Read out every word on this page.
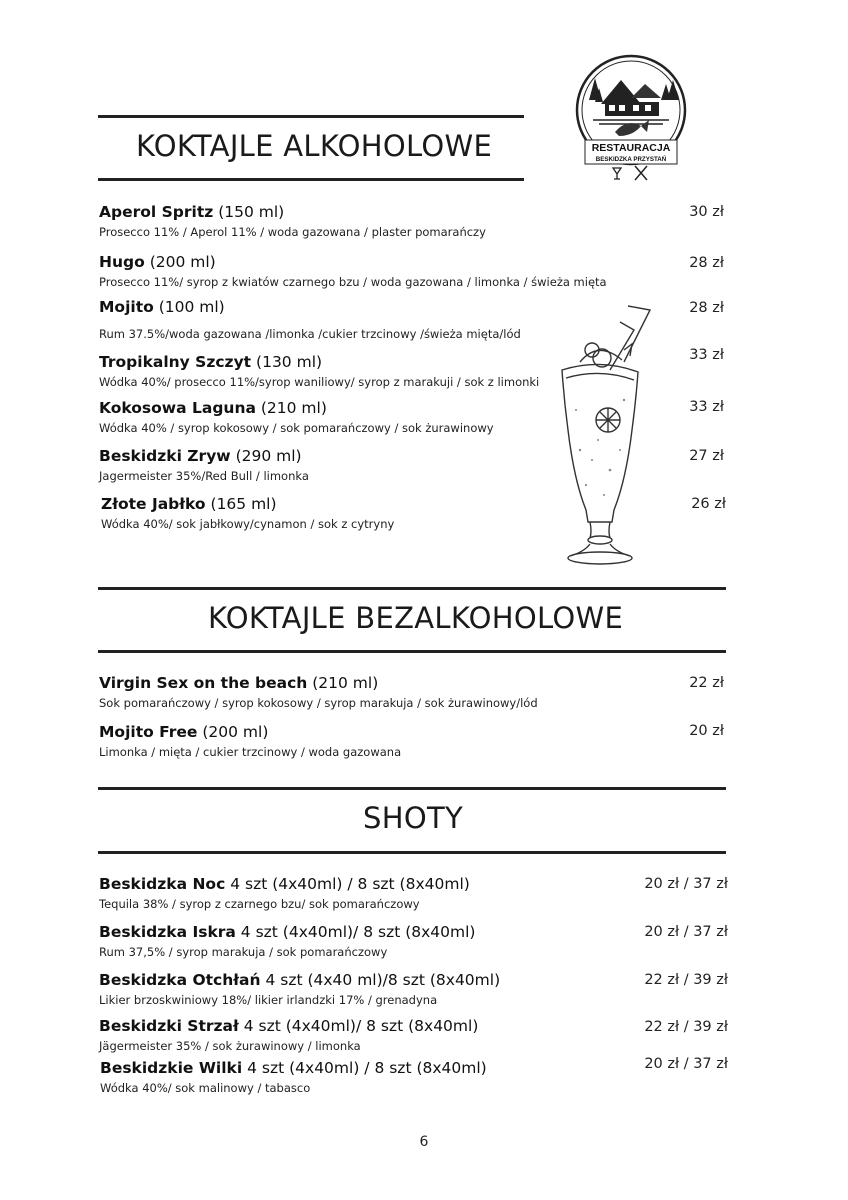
RESTAURACJA
BESKIDZKA PRZYSTAŃ
KOKTAJLE ALKOHOLOWE
Aperol Spritz (150 ml)
Prosecco 11% / Aperol 11% / woda gazowana / plaster pomarańczy
30 zł
Hugo (200 ml)
Prosecco 11%/ syrop z kwiatów czarnego bzu / woda gazowana / limonka / świeża mięta
28 zł
Mojito (100 ml)
Rum 37.5%/woda gazowana /limonka /cukier trzcinowy /świeża mięta/lód
28 zł
Tropikalny Szczyt (130 ml)
Wódka 40%/ prosecco 11%/syrop waniliowy/ syrop z marakuji / sok z limonki
33 zł
Kokosowa Laguna (210 ml)
Wódka 40% / syrop kokosowy / sok pomarańczowy / sok żurawinowy
33 zł
Beskidzki Zryw (290 ml)
Jagermeister 35%/Red Bull / limonka
27 zł
Złote Jabłko (165 ml)
Wódka 40%/ sok jabłkowy/cynamon / sok z cytryny
26 zł
KOKTAJLE BEZALKOHOLOWE
Virgin Sex on the beach (210 ml)
Sok pomarańczowy / syrop kokosowy / syrop marakuja / sok żurawinowy/lód
22 zł
Mojito Free (200 ml)
Limonka / mięta / cukier trzcinowy / woda gazowana
20 zł
SHOTY
Beskidzka Noc 4 szt (4x40ml) / 8 szt (8x40ml)
Tequila 38% / syrop z czarnego bzu/ sok pomarańczowy
20 zł / 37 zł
Beskidzka Iskra 4 szt (4x40ml)/ 8 szt (8x40ml)
Rum 37,5% / syrop marakuja / sok pomarańczowy
20 zł / 37 zł
Beskidzka Otchłań 4 szt (4x40 ml)/8 szt (8x40ml)
Likier brzoskwiniowy 18%/ likier irlandzki 17% / grenadyna
22 zł / 39 zł
Beskidzki Strzał 4 szt (4x40ml)/ 8 szt (8x40ml)
Jägermeister 35% / sok żurawinowy / limonka
22 zł / 39 zł
Beskidzkie Wilki 4 szt (4x40ml) / 8 szt (8x40ml)
Wódka 40%/ sok malinowy / tabasco
20 zł / 37 zł
6
